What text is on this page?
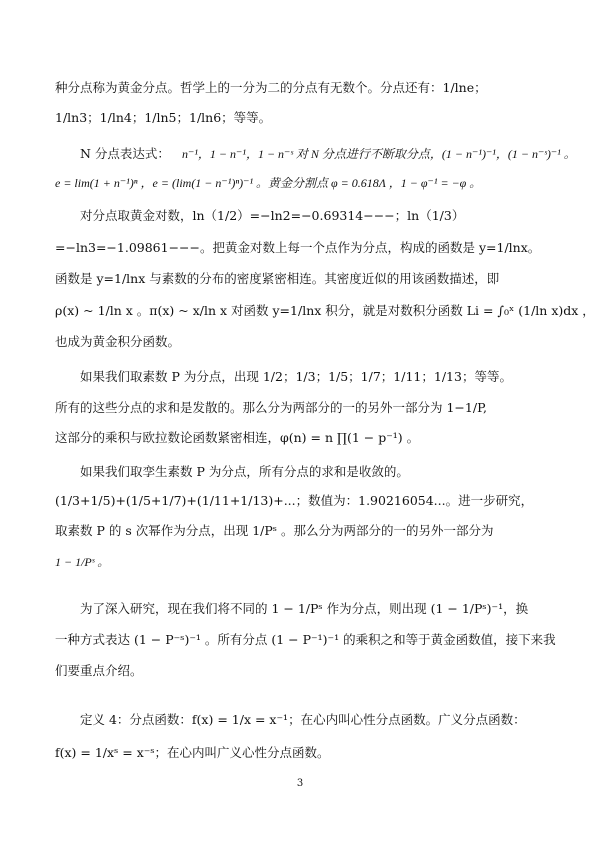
种分点称为黄金分点。哲学上的一分为二的分点有无数个。分点还有：1/lne；
1/ln3；1/ln4；1/ln5；1/ln6；等等。
N 分点表达式： n⁻¹，1 − n⁻¹，1 − n⁻ˢ 对 N 分点进行不断取分点，(1 − n⁻¹)⁻¹，(1 − n⁻ˢ)⁻¹ 。
e = lim(1 + n⁻¹)ⁿ ，e = (lim(1 − n⁻¹)ⁿ)⁻¹ 。黄金分割点 φ = 0.618Λ ，1 − φ⁻¹ = −φ 。
对分点取黄金对数，ln（1/2）=−ln2=−0.69314−−−；ln（1/3）
=−ln3=−1.09861−−−。把黄金对数上每一个点作为分点，构成的函数是 y=1/lnx。
函数是 y=1/lnx 与素数的分布的密度紧密相连。其密度近似的用该函数描述，即
ρ(x) ~ 1/ln x 。π(x) ~ x/ln x 对函数 y=1/lnx 积分，就是对数积分函数 Li = ∫₀ˣ (1/ln x)dx ，
也成为黄金积分函数。
如果我们取素数 P 为分点，出现 1/2；1/3；1/5；1/7；1/11；1/13；等等。
所有的这些分点的求和是发散的。那么分为两部分的一的另外一部分为 1−1/P,
这部分的乘积与欧拉数论函数紧密相连，φ(n) = n ∏(1 − p⁻¹) 。
如果我们取孪生素数 P 为分点，所有分点的求和是收敛的。
(1/3+1/5)+(1/5+1/7)+(1/11+1/13)+...；数值为：1.90216054...。进一步研究，
取素数 P 的 s 次幂作为分点，出现 1/Pˢ 。那么分为两部分的一的另外一部分为
1 − 1/Pˢ 。
为了深入研究，现在我们将不同的 1 − 1/Pˢ 作为分点，则出现 (1 − 1/Pˢ)⁻¹，换
一种方式表达 (1 − P⁻ˢ)⁻¹ 。所有分点 (1 − P⁻¹)⁻¹ 的乘积之和等于黄金函数值，接下来我
们要重点介绍。
定义 4：分点函数：f(x) = 1/x = x⁻¹；在心内叫心性分点函数。广义分点函数：
f(x) = 1/xˢ = x⁻ˢ；在心内叫广义心性分点函数。
3
